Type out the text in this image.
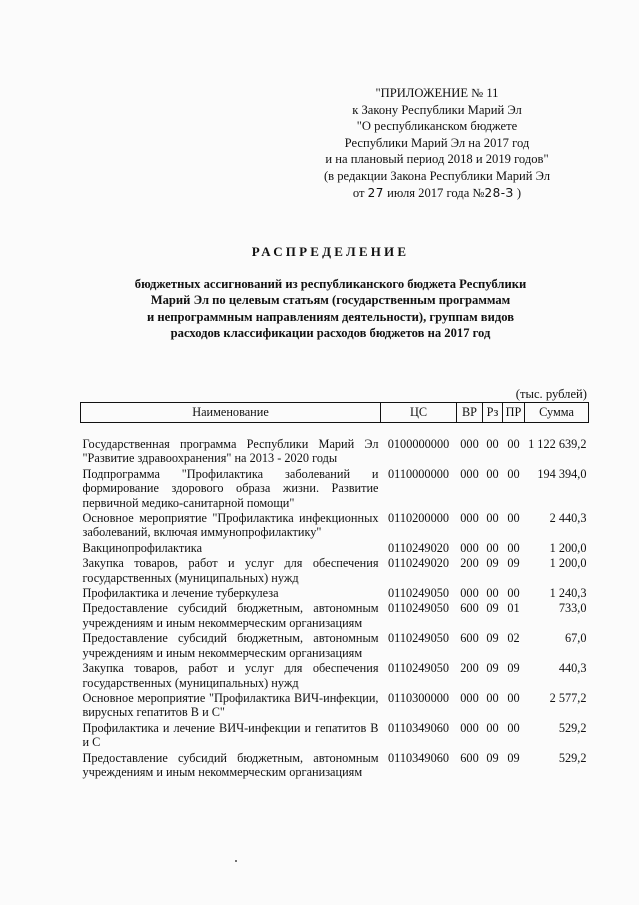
"ПРИЛОЖЕНИЕ № 11
к Закону Республики Марий Эл
"О республиканском бюджете
Республики Марий Эл на 2017 год
и на плановый период 2018 и 2019 годов"
(в редакции Закона Республики Марий Эл
от 27 июля 2017 года №28-З )
РАСПРЕДЕЛЕНИЕ
бюджетных ассигнований из республиканского бюджета Республики
Марий Эл по целевым статьям (государственным программам
и непрограммным направлениям деятельности), группам видов
расходов классификации расходов бюджетов на 2017 год
(тыс. рублей)
Наименование	ЦС	ВР	Рз	ПР	Сумма

Государственная программа Республики Марий Эл "Развитие здравоохранения" на 2013 - 2020 годы	0100000000	000	00	00	1 122 639,2
Подпрограмма "Профилактика заболеваний и формирование здорового образа жизни. Развитие первичной медико-санитарной помощи"	0110000000	000	00	00	194 394,0
Основное мероприятие "Профилактика инфекционных заболеваний, включая иммунопрофилактику"	0110200000	000	00	00	2 440,3
Вакцинопрофилактика	0110249020	000	00	00	1 200,0
Закупка товаров, работ и услуг для обеспечения государственных (муниципальных) нужд	0110249020	200	09	09	1 200,0
Профилактика и лечение туберкулеза	0110249050	000	00	00	1 240,3
Предоставление субсидий бюджетным, автономным учреждениям и иным некоммерческим организациям	0110249050	600	09	01	733,0
Предоставление субсидий бюджетным, автономным учреждениям и иным некоммерческим организациям	0110249050	600	09	02	67,0
Закупка товаров, работ и услуг для обеспечения государственных (муниципальных) нужд	0110249050	200	09	09	440,3
Основное мероприятие "Профилактика ВИЧ-инфекции, вирусных гепатитов В и С"	0110300000	000	00	00	2 577,2
Профилактика и лечение ВИЧ-инфекции и гепатитов В и С	0110349060	000	00	00	529,2
Предоставление субсидий бюджетным, автономным учреждениям и иным некоммерческим организациям	0110349060	600	09	09	529,2
